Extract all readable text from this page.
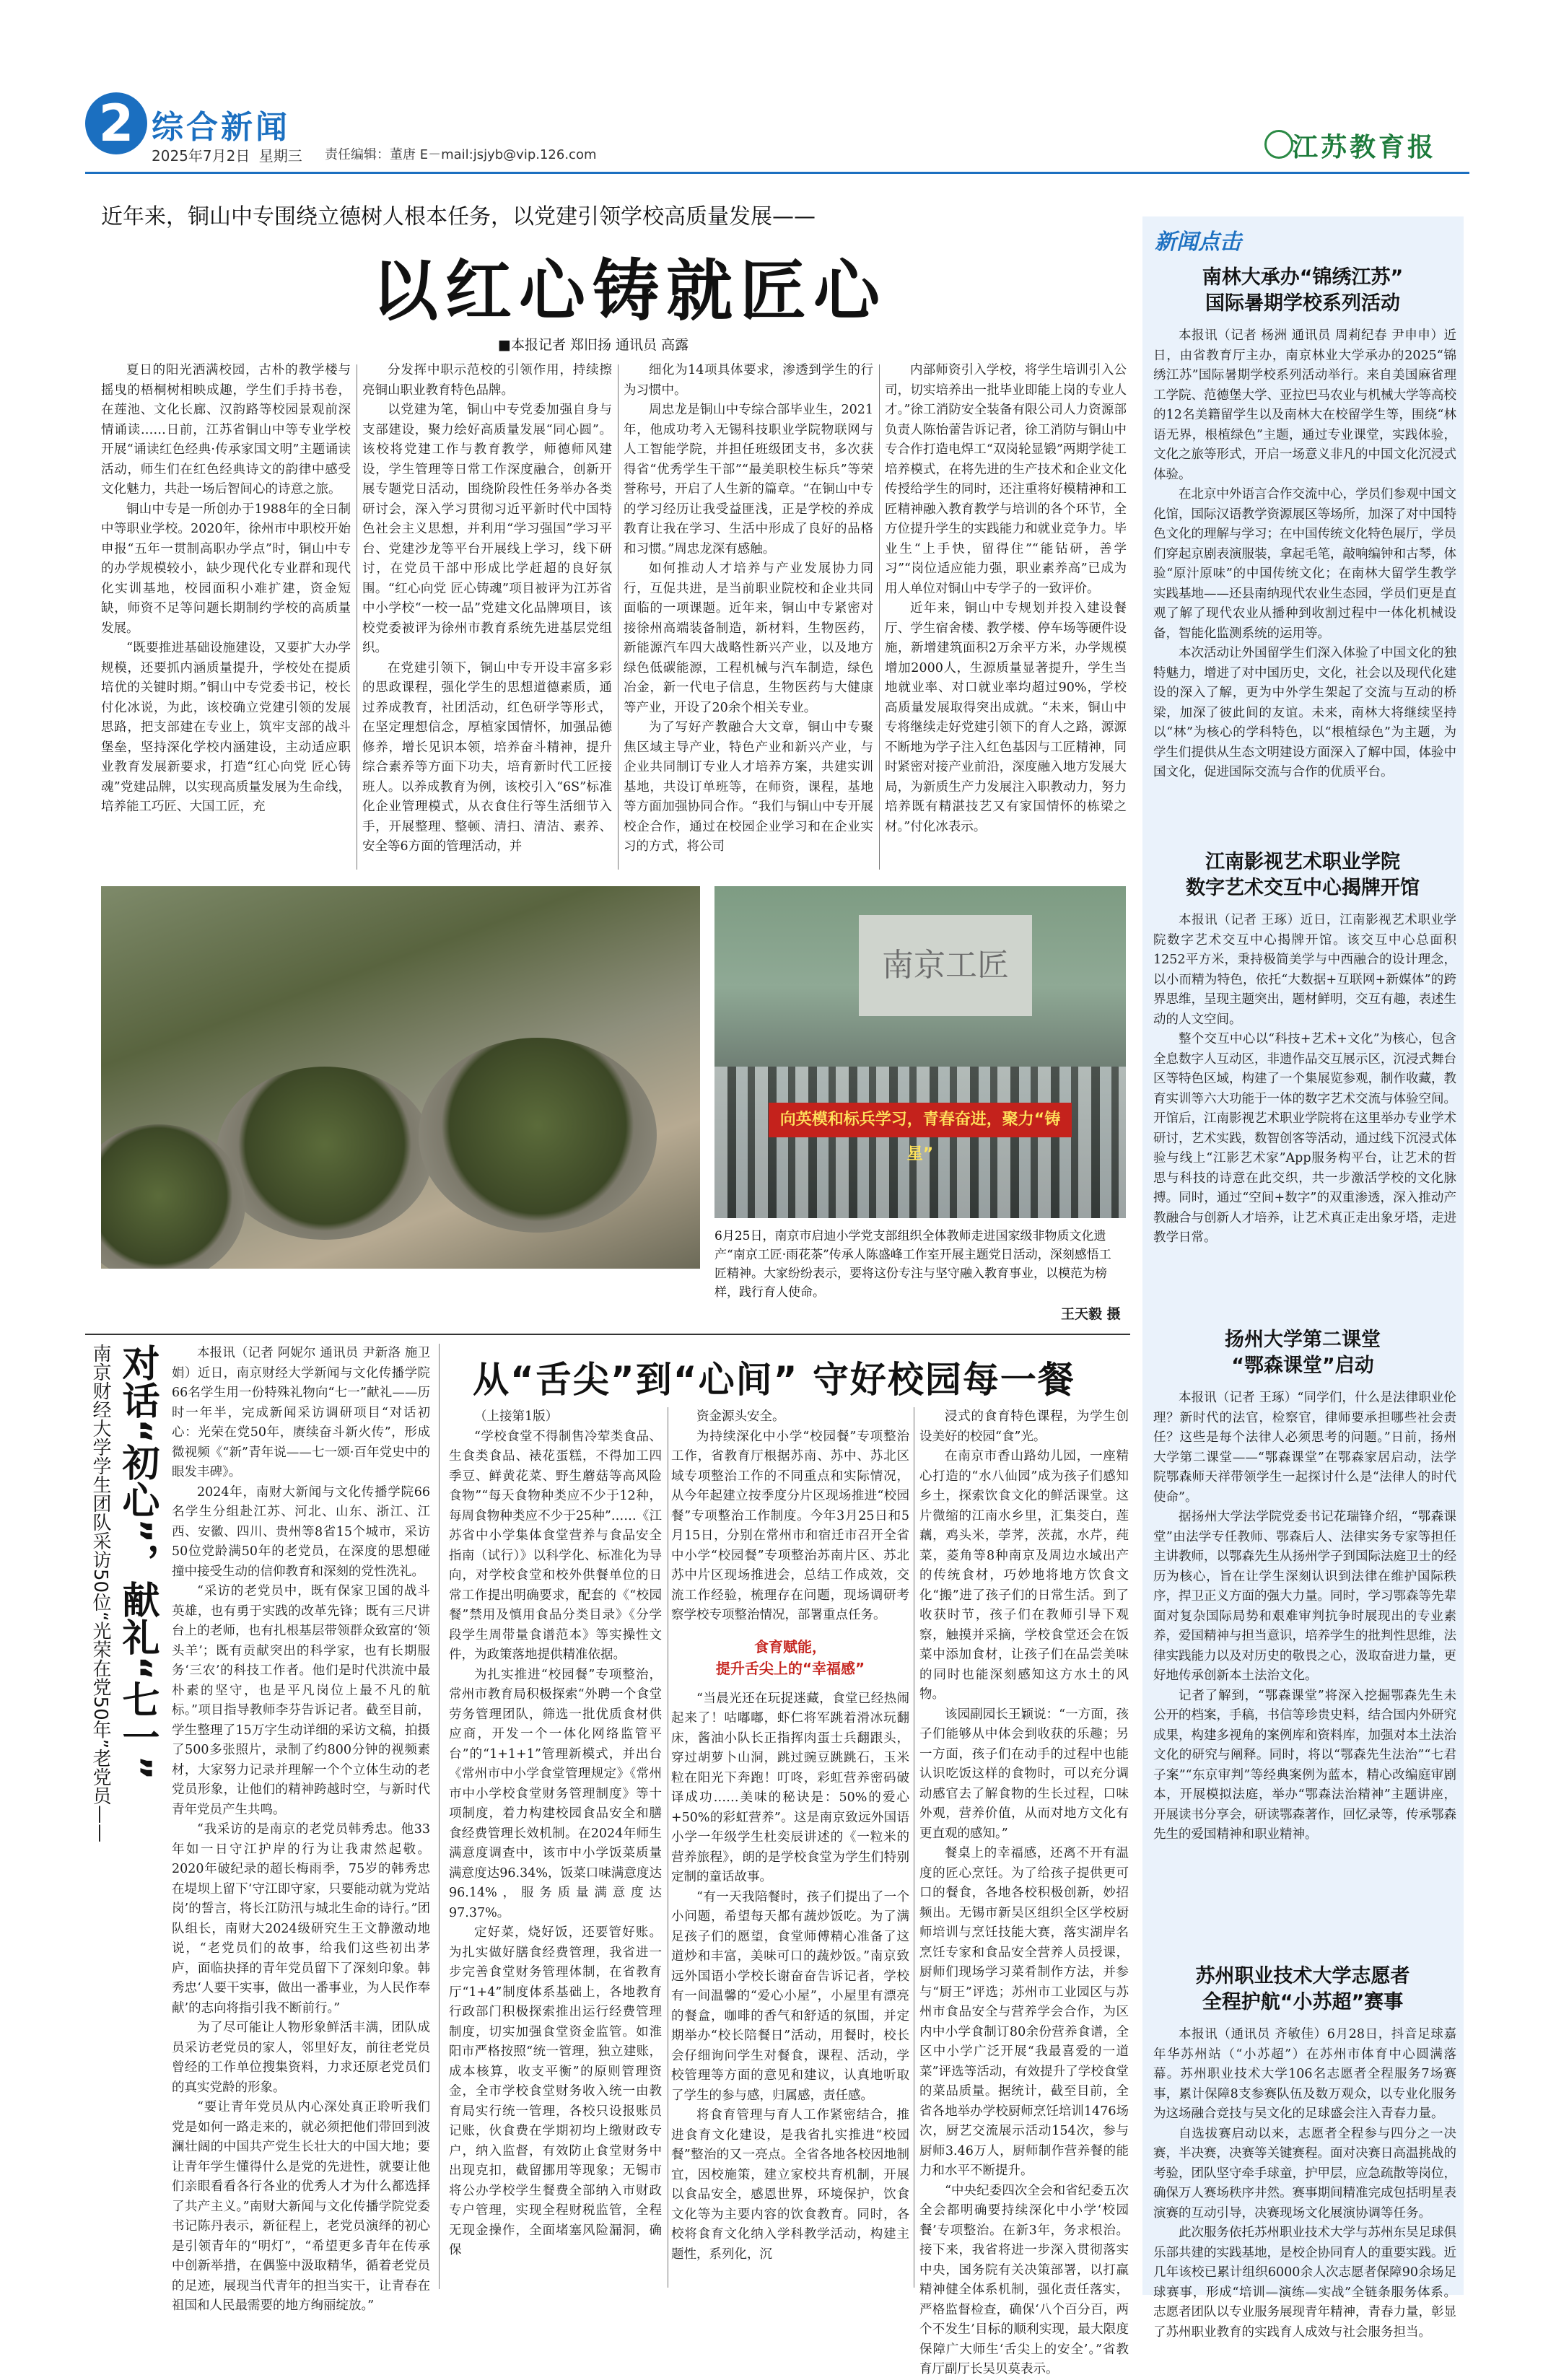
2 综合新闻
2025年7月2日 星期三 责任编辑：董唐 E－mail:jsjyb@vip.126.com	江苏教育报
近年来，铜山中专围绕立德树人根本任务，以党建引领学校高质量发展——
以红心铸就匠心
■本报记者 郑旧扬 通讯员 高露

夏日的阳光洒满校园，古朴的教学楼与摇曳的梧桐树相映成趣，学生们手持书卷，在莲池、文化长廊、汉韵路等校园景观前深情诵读……日前，江苏省铜山中等专业学校开展“诵读红色经典·传承家国文明”主题诵读活动，师生们在红色经典诗文的韵律中感受文化魅力，共赴一场后智间心的诗意之旅。

铜山中专是一所创办于1988年的全日制中等职业学校。2020年，徐州市中职校开始申报“五年一贯制高职办学点”时，铜山中专的办学规模较小，缺少现代化专业群和现代化实训基地，校园面积小难扩建，资金短缺，师资不足等问题长期制约学校的高质量发展。

“既要推进基础设施建设，又要扩大办学规模，还要抓内涵质量提升，学校处在提质培优的关键时期。”铜山中专党委书记，校长付化冰说，为此，该校确立党建引领的发展思路，把支部建在专业上，筑牢支部的战斗堡垒，坚持深化学校内涵建设，主动适应职业教育发展新要求，打造“红心向党 匠心铸魂”党建品牌，以实现高质量发展为生命线，培养能工巧匠、大国工匠，充

分发挥中职示范校的引领作用，持续擦亮铜山职业教育特色品牌。

以党建为笔，铜山中专党委加强自身与支部建设，聚力绘好高质量发展“同心圆”。该校将党建工作与教育教学，师德师风建设，学生管理等日常工作深度融合，创新开展专题党日活动，围绕阶段性任务举办各类研讨会，深入学习贯彻习近平新时代中国特色社会主义思想，并利用“学习强国”学习平台、党建沙龙等平台开展线上学习，线下研讨，在党员干部中形成比学赶超的良好氛围。“红心向党 匠心铸魂”项目被评为江苏省中小学校“一校一品”党建文化品牌项目，该校党委被评为徐州市教育系统先进基层党组织。

在党建引领下，铜山中专开设丰富多彩的思政课程，强化学生的思想道德素质，通过养成教育，社团活动，红色研学等形式，在坚定理想信念，厚植家国情怀，加强品德修养，增长见识本领，培养奋斗精神，提升综合素养等方面下功夫，培育新时代工匠接班人。以养成教育为例，该校引入“6S”标准化企业管理模式，从衣食住行等生活细节入手，开展整理、整顿、清扫、清洁、素养、安全等6方面的管理活动，并

细化为14项具体要求，渗透到学生的行为习惯中。

周忠龙是铜山中专综合部毕业生，2021年，他成功考入无锡科技职业学院物联网与人工智能学院，并担任班级团支书，多次获得省“优秀学生干部”“最美职校生标兵”等荣誉称号，开启了人生新的篇章。“在铜山中专的学习经历让我受益匪浅，正是学校的养成教育让我在学习、生活中形成了良好的品格和习惯。”周忠龙深有感触。

如何推动人才培养与产业发展协力同行，互促共进，是当前职业院校和企业共同面临的一项课题。近年来，铜山中专紧密对接徐州高端装备制造，新材料，生物医药，新能源汽车四大战略性新兴产业，以及地方绿色低碳能源，工程机械与汽车制造，绿色冶金，新一代电子信息，生物医药与大健康等产业，开设了20余个相关专业。

为了写好产教融合大文章，铜山中专聚焦区域主导产业，特色产业和新兴产业，与企业共同制订专业人才培养方案，共建实训基地，共设订单班等，在师资，课程，基地等方面加强协同合作。“我们与铜山中专开展校企合作，通过在校园企业学习和在企业实习的方式，将公司

内部师资引入学校，将学生培训引入公司，切实培养出一批毕业即能上岗的专业人才。”徐工消防安全装备有限公司人力资源部负责人陈怡蕾告诉记者，徐工消防与铜山中专合作打造电焊工“双岗轮显锻”两期学徒工培养模式，在将先进的生产技术和企业文化传授给学生的同时，还注重将好模精神和工匠精神融入教育教学与培训的各个环节，全方位提升学生的实践能力和就业竞争力。毕业生“上手快，留得住”“能钻研，善学习”“岗位适应能力强，职业素养高”已成为用人单位对铜山中专学子的一致评价。

近年来，铜山中专规划并投入建设餐厅、学生宿舍楼、教学楼、停车场等硬件设施，新增建筑面积2万余平方米，办学规模增加2000人，生源质量显著提升，学生当地就业率、对口就业率均超过90%，学校高质量发展取得突出成就。“未来，铜山中专将继续走好党建引领下的育人之路，源源不断地为学子注入红色基因与工匠精神，同时紧密对接产业前沿，深度融入地方发展大局，为新质生产力发展注入职教动力，努力培养既有精湛技艺又有家国情怀的栋梁之材。”付化冰表示。

南京工匠
向英模和标兵学习，青春奋进，聚力“铸星”
6月25日，南京市启迪小学党支部组织全体教师走进国家级非物质文化遗产“南京工匠·雨花茶”传承人陈盛峰工作室开展主题党日活动，深刻感悟工匠精神。大家纷纷表示，要将这份专注与坚守融入教育事业，以模范为榜样，践行育人使命。
王天毅 摄
新闻点击
南林大承办“锦绣江苏”
国际暑期学校系列活动

本报讯（记者 杨洲 通讯员 周莉纪春 尹申申）近日，由省教育厅主办，南京林业大学承办的2025“锦绣江苏”国际暑期学校系列活动举行。来自美国麻省理工学院、范德堡大学、亚拉巴马农业与机械大学等高校的12名美籍留学生以及南林大在校留学生等，围绕“林语无界，根植绿色”主题，通过专业课堂，实践体验，文化之旅等形式，开启一场意义非凡的中国文化沉浸式体验。

在北京中外语言合作交流中心，学员们参观中国文化馆，国际汉语教学资源展区等场所，加深了对中国特色文化的理解与学习；在中国传统文化特色展厅，学员们穿起京剧表演服装，拿起毛笔，敲响编钟和古琴，体验“原汁原味”的中国传统文化；在南林大留学生教学实践基地——还县南纳现代农业生态园，学员们更是直观了解了现代农业从播种到收割过程中一体化机械设备，智能化监测系统的运用等。

本次活动让外国留学生们深入体验了中国文化的独特魅力，增进了对中国历史，文化，社会以及现代化建设的深入了解，更为中外学生架起了交流与互动的桥梁，加深了彼此间的友谊。未来，南林大将继续坚持以“林”为核心的学科特色，以“根植绿色”为主题，为学生们提供从生态文明建设方面深入了解中国，体验中国文化，促进国际交流与合作的优质平台。

江南影视艺术职业学院
数字艺术交互中心揭牌开馆

本报讯（记者 王琢）近日，江南影视艺术职业学院数字艺术交互中心揭牌开馆。该交互中心总面积1252平方米，秉持极简美学与中西融合的设计理念，以小而精为特色，依托“大数据+互联网+新媒体”的跨界思维，呈现主题突出，题材鲜明，交互有趣，表述生动的人文空间。

整个交互中心以“科技+艺术+文化”为核心，包含全息数字人互动区，非遗作品交互展示区，沉浸式舞台区等特色区域，构建了一个集展览参观，制作收藏，教育实训等六大功能于一体的数字艺术交流与体验空间。开馆后，江南影视艺术职业学院将在这里举办专业学术研讨，艺术实践，数智创客等活动，通过线下沉浸式体验与线上“江影艺术家”App服务构平台，让艺术的哲思与科技的诗意在此交织，共一步激活学校的文化脉搏。同时，通过“空间+数字”的双重渗透，深入推动产教融合与创新人才培养，让艺术真正走出象牙塔，走进教学日常。

扬州大学第二课堂
“鄂森课堂”启动

本报讯（记者 王琢）“同学们，什么是法律职业伦理？新时代的法官，检察官，律师要承担哪些社会责任？这些是每个法律人必须思考的问题。”日前，扬州大学第二课堂——“鄂森课堂”在鄂森家居启动，法学院鄂森师天祥带领学生一起探讨什么是“法律人的时代使命”。

据扬州大学法学院党委书记花瑞锋介绍，“鄂森课堂”由法学专任教师、鄂森后人、法律实务专家等担任主讲教师，以鄂森先生从扬州学子到国际法庭卫士的经历为核心，旨在让学生深刻认识到法律在维护国际秩序，捍卫正义方面的强大力量。同时，学习鄂森等先辈面对复杂国际局势和艰难审判抗争时展现出的专业素养，爱国精神与担当意识，培养学生的批判性思维，法律实践能力以及对历史的敬畏之心，汲取奋进力量，更好地传承创新本土法治文化。

记者了解到，“鄂森课堂”将深入挖掘鄂森先生未公开的档案，手稿，书信等珍贵史料，结合国内外研究成果，构建多视角的案例库和资料库，加强对本土法治文化的研究与阐释。同时，将以“鄂森先生法治”“七君子案”“东京审判”等经典案例为蓝本，精心改编庭审剧本，开展模拟法庭，举办“鄂森法治精神”主题讲座，开展读书分享会，研读鄂森著作，回忆录等，传承鄂森先生的爱国精神和职业精神。

苏州职业技术大学志愿者
全程护航“小苏超”赛事

本报讯（通讯员 齐敏佳）6月28日，抖音足球嘉年华苏州站（“小苏超”）在苏州市体育中心圆满落幕。苏州职业技术大学106名志愿者全程服务7场赛事，累计保障8支参赛队伍及数万观众，以专业化服务为这场融合竞技与吴文化的足球盛会注入青春力量。

自选拔赛启动以来，志愿者全程参与四分之一决赛，半决赛，决赛等关键赛程。面对决赛日高温挑战的考验，团队坚守牵手球童，护甲层，应急疏散等岗位，确保万人赛场秩序井然。赛事期间精准完成包括明星表演赛的互动引导，决赛现场文化展演协调等任务。

此次服务依托苏州职业技术大学与苏州东吴足球俱乐部共建的实践基地，是校企协同育人的重要实践。近几年该校已累计组织6000余人次志愿者保障90余场足球赛事，形成“培训—演练—实战”全链条服务体系。志愿者团队以专业服务展现青年精神，青春力量，彰显了苏州职业教育的实践育人成效与社会服务担当。

南京财经大学学生团队采访50位“光荣在党50年”老党员—— 对话“初心”，献礼“七一”	本报讯（记者 阿妮尔 通讯员 尹新洛 施卫娟）近日，南京财经大学新闻与文化传播学院66名学生用一份特殊礼物向“七一”献礼——历时一年半，完成新闻采访调研项目“对话初心：光荣在党50年，赓续奋斗新火传”，形成微视频《“新”青年说——七一颂·百年党史中的眼发丰碑》。

2024年，南财大新闻与文化传播学院66名学生分组赴江苏、河北、山东、浙江、江西、安徽、四川、贵州等8省15个城市，采访50位党龄满50年的老党员，在深度的思想碰撞中接受生动的信仰教育和深刻的党性洗礼。

“采访的老党员中，既有保家卫国的战斗英雄，也有勇于实践的改革先锋；既有三尺讲台上的老师，也有扎根基层带领群众致富的‘领头羊’；既有贡献突出的科学家，也有长期服务‘三农’的科技工作者。他们是时代洪流中最朴素的坚守，也是平凡岗位上最不凡的航标。”项目指导教师李芬告诉记者。截至目前，学生整理了15万字生动详细的采访文稿，拍摄了500多张照片，录制了约800分钟的视频素材，大家努力记录并理解一个个立体生动的老党员形象，让他们的精神跨越时空，与新时代青年党员产生共鸣。

“我采访的是南京的老党员韩秀忠。他33年如一日守江护岸的行为让我肃然起敬。2020年破纪录的超长梅雨季，75岁的韩秀忠在堤坝上留下‘守江即守家，只要能动就为党站岗’的誓言，将长江防汛与城北生命的诗行。”团队组长，南财大2024级研究生王文静激动地说，“老党员们的故事，给我们这些初出茅庐，面临抉择的青年党员留下了深刻印象。韩秀忠‘人要干实事，做出一番事业，为人民作奉献’的志向将指引我不断前行。”

为了尽可能让人物形象鲜活丰满，团队成员采访老党员的家人，邻里好友，前往老党员曾经的工作单位搜集资料，力求还原老党员们的真实党龄的形象。

“要让青年党员从内心深处真正聆听我们党是如何一路走来的，就必须把他们带回到波澜壮阔的中国共产党生长壮大的中国大地；要让青年学生懂得什么是党的先进性，就要让他们亲眼看看各行各业的优秀人才为什么都选择了共产主义。”南财大新闻与文化传播学院党委书记陈丹表示，新征程上，老党员演绎的初心是引领青年的“明灯”，“希望更多青年在传承中创新举措，在偶鉴中汲取精华，循着老党员的足迹，展现当代青年的担当实干，让青春在祖国和人民最需要的地方绚丽绽放。”

从“舌尖”到“心间” 守好校园每一餐

（上接第1版）

“学校食堂不得制售冷荤类食品、生食类食品、裱花蛋糕，不得加工四季豆、鲜黄花菜、野生蘑菇等高风险食物”“每天食物种类应不少于12种，每周食物种类应不少于25种”……《江苏省中小学集体食堂营养与食品安全指南（试行）》以科学化、标准化为导向，对学校食堂和校外供餐单位的日常工作提出明确要求，配套的《“校园餐”禁用及慎用食品分类目录》《分学段学生周带量食谱范本》等实操性文件，为政策落地提供精准依据。

为扎实推进“校园餐”专项整治，常州市教育局积极探索“外聘一个食堂劳务管理团队，筛选一批优质食材供应商，开发一个一体化网络监管平台”的“1+1+1”管理新模式，并出台《常州市中小学食堂管理规定》《常州市中小学校食堂财务管理制度》等十项制度，着力构建校园食品安全和膳食经费管理长效机制。在2024年师生满意度调查中，该市中小学饭菜质量满意度达96.34%，饭菜口味满意度达96.14%，服务质量满意度达97.37%。

定好菜，烧好饭，还要管好账。为扎实做好膳食经费管理，我省进一步完善食堂财务管理体制，在省教育厅“1+4”制度体系基础上，各地教育行政部门积极探索推出运行经费管理制度，切实加强食堂资金监管。如淮阳市严格按照“统一管理，独立建账，成本核算，收支平衡”的原则管理资金，全市学校食堂财务收入统一由教育局实行统一管理，各校只设报账员记账，伙食费在学期初均上缴财政专户，纳入监督，有效防止食堂财务中出现克扣，截留挪用等现象；无锡市将公办学校学生餐费全部纳入市财政专户管理，实现全程财税监管，全程无现金操作，全面堵塞风险漏洞，确保

资金源头安全。

为持续深化中小学“校园餐”专项整治工作，省教育厅根据苏南、苏中、苏北区域专项整治工作的不同重点和实际情况，从今年起建立按季度分片区现场推进“校园餐”专项整治工作制度。今年3月25日和5月15日，分别在常州市和宿迁市召开全省中小学“校园餐”专项整治苏南片区、苏北苏中片区现场推进会，总结工作成效，交流工作经验，梳理存在问题，现场调研考察学校专项整治情况，部署重点任务。

食育赋能，
提升舌尖上的“幸福感”

“当晨光还在玩捉迷藏，食堂已经热闹起来了！咕嘟嘟，虾仁将军跳着滑冰玩翻床，酱油小队长正指挥肉蛋士兵翻跟头，穿过胡萝卜山洞，跳过豌豆跳跳石，玉米粒在阳光下奔跑！叮咚，彩虹营养密码破译成功……美味的秘诀是：50%的爱心+50%的彩虹营养”。这是南京致远外国语小学一年级学生杜奕辰讲述的《一粒米的营养旅程》，朗的是学校食堂为学生们特别定制的童话故事。

“有一天我陪餐时，孩子们提出了一个小问题，希望每天都有蔬炒饭吃。为了满足孩子们的愿望，食堂师傅精心准备了这道炒和丰富，美味可口的蔬炒饭。”南京致远外国语小学校长谢奋奋告诉记者，学校有一间温馨的“爱心小屋”，小屋里有漂亮的餐盒，咖啡的香气和舒适的氛围，并定期举办“校长陪餐日”活动，用餐时，校长会仔细询问学生对餐食，课程、活动，学校管理等方面的意见和建议，认真地听取了学生的参与感，归属感，责任感。

将食育管理与育人工作紧密结合，推进食育文化建设，是我省扎实推进“校园餐”整治的又一亮点。全省各地各校因地制宜，因校施策，建立家校共育机制，开展以食品安全，感恩世界，环境保护，饮食文化等为主要内容的饮食教育。同时，各校将食育文化纳入学科教学活动，构建主题性，系列化，沉

浸式的食育特色课程，为学生创设美好的校园“食”光。

在南京市香山路幼儿园，一座精心打造的“水八仙园”成为孩子们感知乡土，探索饮食文化的鲜活课堂。这片微缩的江南水乡里，汇集茭白，莲藕，鸡头米，荸荠，茨菰，水芹，莼菜，菱角等8种南京及周边水域出产的传统食材，巧妙地将地方饮食文化“搬”进了孩子们的日常生活。到了收获时节，孩子们在教师引导下观察，触摸并采摘，学校食堂还会在饭菜中添加食材，让孩子们在品尝美味的同时也能深刻感知这方水土的风物。

该园副园长王颖说：“一方面，孩子们能够从中体会到收获的乐趣；另一方面，孩子们在动手的过程中也能认识吃饭这样的食物时，可以充分调动感官去了解食物的生长过程，口味外观，营养价值，从而对地方文化有更直观的感知。”

餐桌上的幸福感，还离不开有温度的匠心烹饪。为了给孩子提供更可口的餐食，各地各校积极创新，妙招频出。无锡市新吴区组织全区学校厨师培训与烹饪技能大赛，落实湖岸名烹饪专家和食品安全营养人员授课，厨师们现场学习菜肴制作方法，并参与“厨王”评选；苏州市工业园区与苏州市食品安全与营养学会合作，为区内中小学食制订80余份营养食谱，全区中小学广泛开展“我最喜爱的一道菜”评选等活动，有效提升了学校食堂的菜品质量。据统计，截至目前，全省各地举办学校厨师烹饪培训1476场次，厨艺交流展示活动154次，参与厨师3.46万人，厨师制作营养餐的能力和水平不断提升。

“中央纪委四次全会和省纪委五次全会都明确要持续深化中小学‘校园餐’专项整治。在新3年，务求根治。接下来，我省将进一步深入贯彻落实中央，国务院有关决策部署，以打赢精神健全体系机制，强化责任落实，严格监督检查，确保‘八个百分百，两个不发生’目标的顺利实现，最大限度保障广大师生‘舌尖上的安全’。”省教育厅副厅长吴贝莫表示。
